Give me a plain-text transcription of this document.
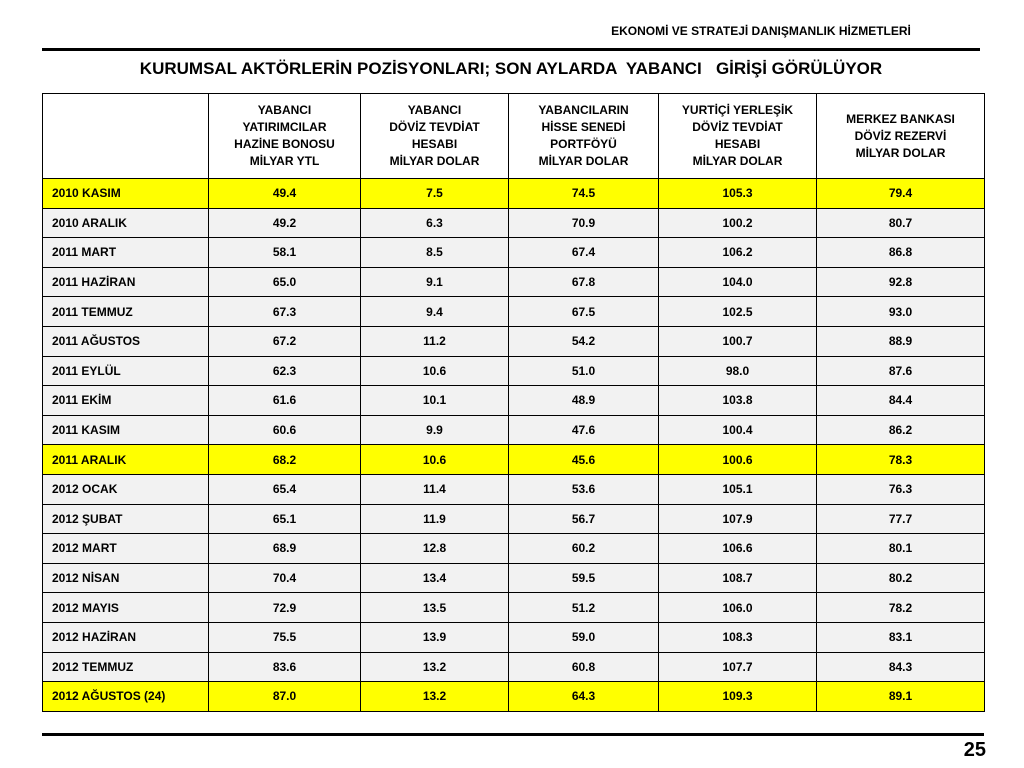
EKONOMİ VE STRATEJİ DANIŞMANLIK HİZMETLERİ
KURUMSAL AKTÖRLERİN POZİSYONLARI; SON AYLARDA  YABANCI   GİRİŞİ GÖRÜLÜYOR

	YABANCI
YATIRIMCILAR
HAZİNE BONOSU
MİLYAR YTL	YABANCI
DÖVİZ TEVDİAT
HESABI
MİLYAR DOLAR	YABANCILARIN
HİSSE SENEDİ
PORTFÖYÜ
MİLYAR DOLAR	YURTİÇİ YERLEŞİK
DÖVİZ TEVDİAT
HESABI
MİLYAR DOLAR	MERKEZ BANKASI
DÖVİZ REZERVİ
MİLYAR DOLAR

2010 KASIM	49.4	7.5	74.5	105.3	79.4
2010 ARALIK	49.2	6.3	70.9	100.2	80.7
2011 MART	58.1	8.5	67.4	106.2	86.8
2011 HAZİRAN	65.0	9.1	67.8	104.0	92.8
2011 TEMMUZ	67.3	9.4	67.5	102.5	93.0
2011 AĞUSTOS	67.2	11.2	54.2	100.7	88.9
2011 EYLÜL	62.3	10.6	51.0	98.0	87.6
2011 EKİM	61.6	10.1	48.9	103.8	84.4
2011 KASIM	60.6	9.9	47.6	100.4	86.2
2011 ARALIK	68.2	10.6	45.6	100.6	78.3
2012 OCAK	65.4	11.4	53.6	105.1	76.3
2012 ŞUBAT	65.1	11.9	56.7	107.9	77.7
2012 MART	68.9	12.8	60.2	106.6	80.1
2012 NİSAN	70.4	13.4	59.5	108.7	80.2
2012 MAYIS	72.9	13.5	51.2	106.0	78.2
2012 HAZİRAN	75.5	13.9	59.0	108.3	83.1
2012 TEMMUZ	83.6	13.2	60.8	107.7	84.3
2012 AĞUSTOS (24)	87.0	13.2	64.3	109.3	89.1
25
